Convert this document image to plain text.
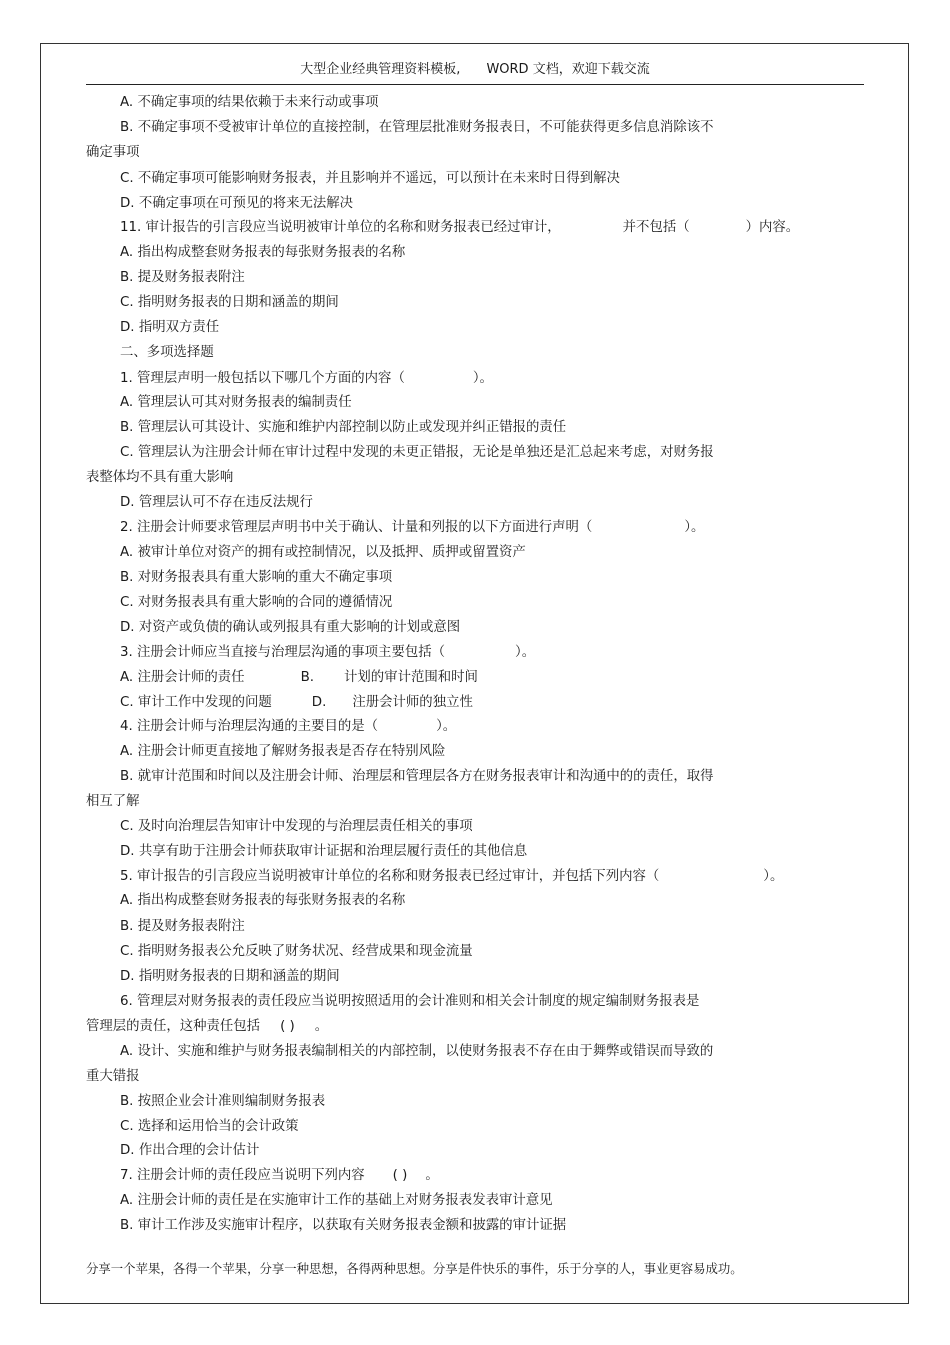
大型企业经典管理资料模板, WORD 文档，欢迎下载交流
A. 不确定事项的结果依赖于未来行动或事项
B. 不确定事项不受被审计单位的直接控制，在管理层批准财务报表日，不可能获得更多信息消除该不
确定事项
C. 不确定事项可能影响财务报表，并且影响并不遥远，可以预计在未来时日得到解决
D. 不确定事项在可预见的将来无法解决
11. 审计报告的引言段应当说明被审计单位的名称和财务报表已经过审计，	并不包括（	）内容。
A. 指出构成整套财务报表的每张财务报表的名称
B. 提及财务报表附注
C. 指明财务报表的日期和涵盖的期间
D. 指明双方责任
二、多项选择题
1. 管理层声明一般包括以下哪几个方面的内容（	）。
A. 管理层认可其对财务报表的编制责任
B. 管理层认可其设计、实施和维护内部控制以防止或发现并纠正错报的责任
C. 管理层认为注册会计师在审计过程中发现的未更正错报，无论是单独还是汇总起来考虑，对财务报
表整体均不具有重大影响
D. 管理层认可不存在违反法规行
2. 注册会计师要求管理层声明书中关于确认、计量和列报的以下方面进行声明（	）。
A. 被审计单位对资产的拥有或控制情况，以及抵押、质押或留置资产
B. 对财务报表具有重大影响的重大不确定事项
C. 对财务报表具有重大影响的合同的遵循情况
D. 对资产或负债的确认或列报具有重大影响的计划或意图
3. 注册会计师应当直接与治理层沟通的事项主要包括（	）。
A. 注册会计师的责任	B. 计划的审计范围和时间
C. 审计工作中发现的问题	D. 注册会计师的独立性
4. 注册会计师与治理层沟通的主要目的是（	）。
A. 注册会计师更直接地了解财务报表是否存在特别风险
B. 就审计范围和时间以及注册会计师、治理层和管理层各方在财务报表审计和沟通中的的责任，取得
相互了解
C. 及时向治理层告知审计中发现的与治理层责任相关的事项
D. 共享有助于注册会计师获取审计证据和治理层履行责任的其他信息
5. 审计报告的引言段应当说明被审计单位的名称和财务报表已经过审计，并包括下列内容（	）。
A. 指出构成整套财务报表的每张财务报表的名称
B. 提及财务报表附注
C. 指明财务报表公允反映了财务状况、经营成果和现金流量
D. 指明财务报表的日期和涵盖的期间
6. 管理层对财务报表的责任段应当说明按照适用的会计准则和相关会计制度的规定编制财务报表是
管理层的责任，这种责任包括 ( ) 。
A. 设计、实施和维护与财务报表编制相关的内部控制，以使财务报表不存在由于舞弊或错误而导致的
重大错报
B. 按照企业会计准则编制财务报表
C. 选择和运用恰当的会计政策
D. 作出合理的会计估计
7. 注册会计师的责任段应当说明下列内容 ( ) 。
A. 注册会计师的责任是在实施审计工作的基础上对财务报表发表审计意见
B. 审计工作涉及实施审计程序，以获取有关财务报表金额和披露的审计证据
分享一个苹果，各得一个苹果，分享一种思想，各得两种思想。分享是件快乐的事件，乐于分享的人，事业更容易成功。
